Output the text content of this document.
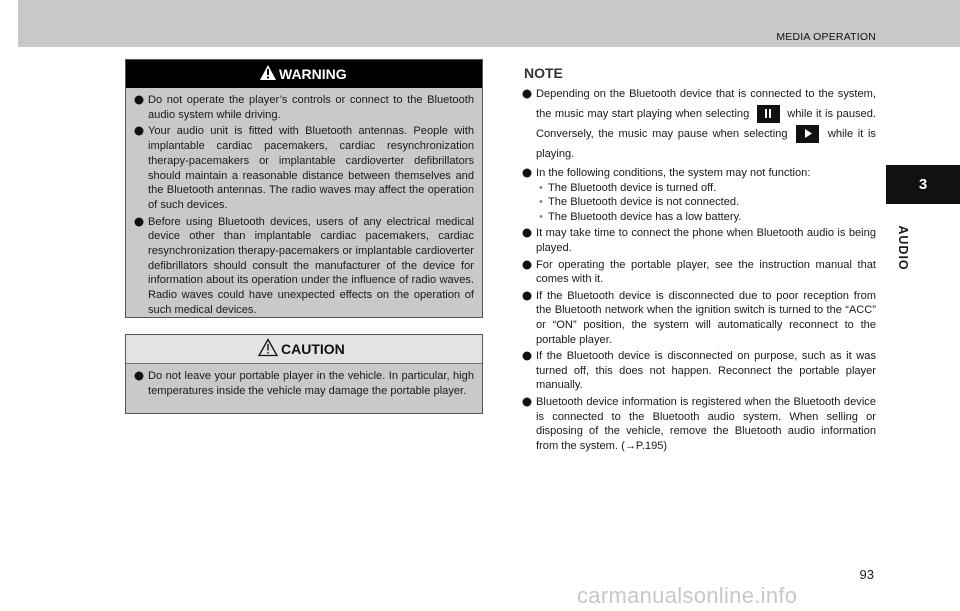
MEDIA OPERATION
3
AUDIO
WARNING
Do not operate the player’s controls or connect to the Bluetooth audio system while driving.
Your audio unit is fitted with Bluetooth antennas. People with implantable cardiac pacemakers, cardiac resynchronization therapy-pacemakers or implantable cardioverter defibrillators should maintain a reasonable distance between themselves and the Bluetooth antennas. The radio waves may affect the operation of such devices.
Before using Bluetooth devices, users of any electrical medical device other than implantable cardiac pacemakers, cardiac resynchronization therapy-pacemakers or implantable cardioverter defibrillators should consult the manufacturer of the device for information about its operation under the influence of radio waves. Radio waves could have unexpected effects on the operation of such medical devices.
CAUTION
Do not leave your portable player in the vehicle. In particular, high temperatures inside the vehicle may damage the portable player.
NOTE
Depending on the Bluetooth device that is connected to the system, the music may start playing when selecting	while it is paused. Conversely, the music may pause when selecting	while it is playing.
In the following conditions, the system may not function:
• The Bluetooth device is turned off.
• The Bluetooth device is not connected.
• The Bluetooth device has a low battery.
It may take time to connect the phone when Bluetooth audio is being played.
For operating the portable player, see the instruction manual that comes with it.
If the Bluetooth device is disconnected due to poor reception from the Bluetooth network when the ignition switch is turned to the “ACC” or “ON” position, the system will automatically reconnect to the portable player.
If the Bluetooth device is disconnected on purpose, such as it was turned off, this does not happen. Reconnect the portable player manually.
Bluetooth device information is registered when the Bluetooth device is connected to the Bluetooth audio system. When selling or disposing of the vehicle, remove the Bluetooth audio information from the system. (→P.195)
93
carmanualsonline.info
